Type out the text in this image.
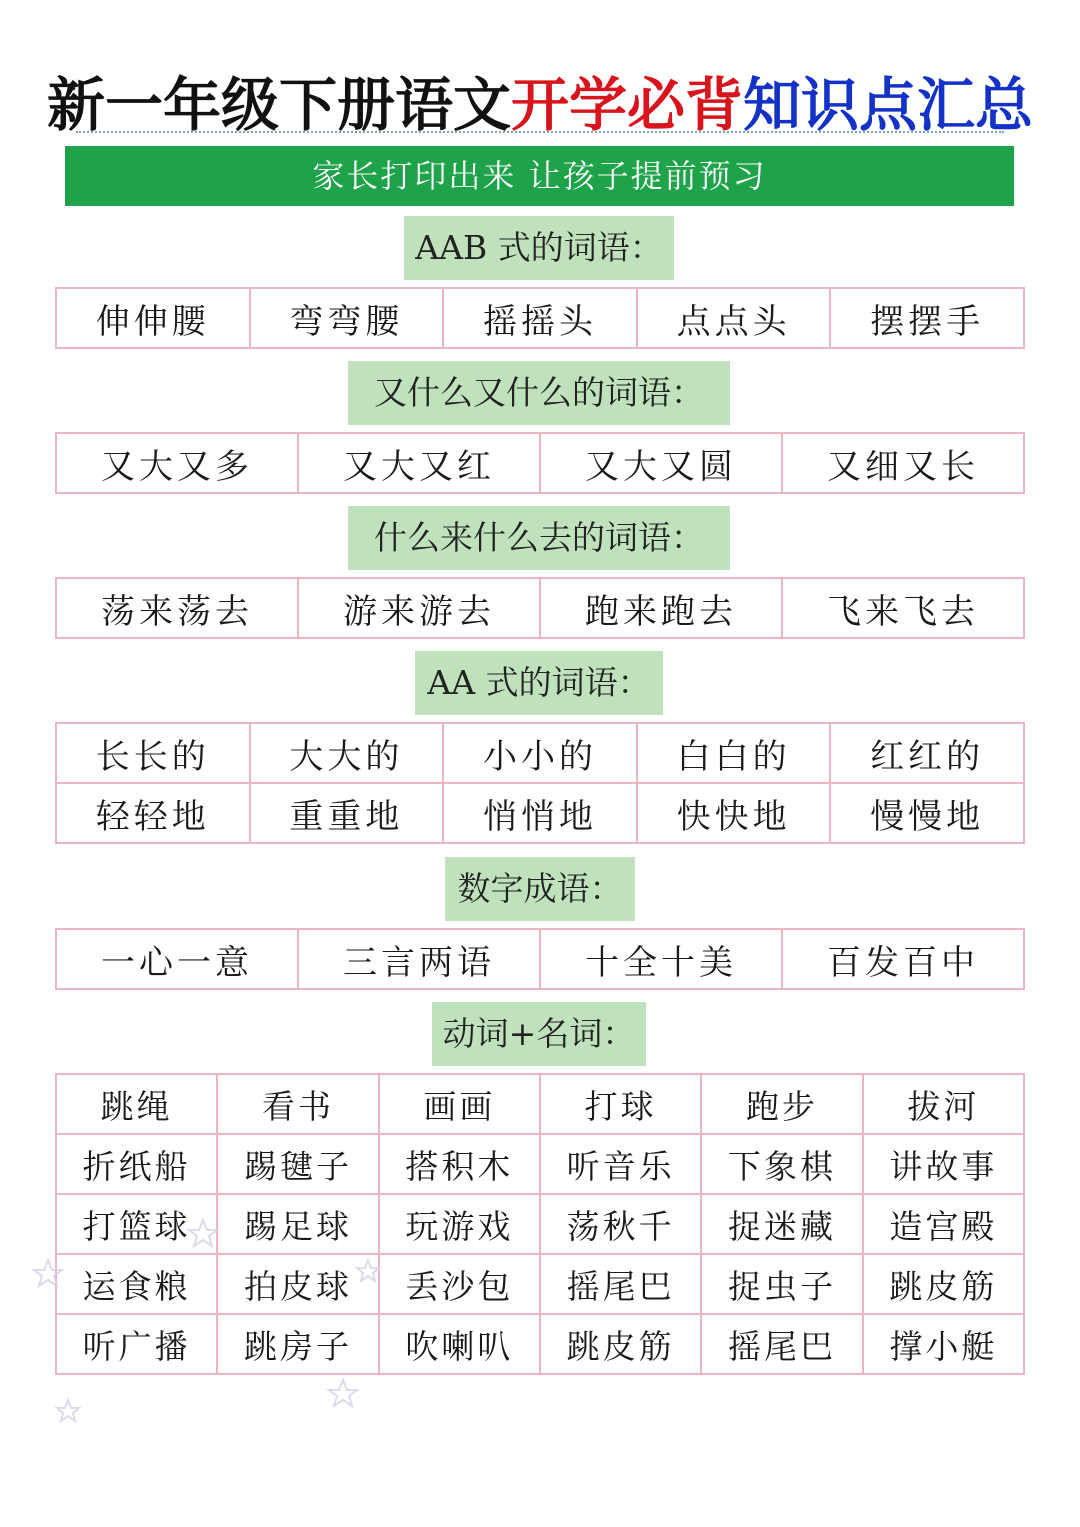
新一年级下册语文开学必背知识点汇总
家长打印出来 让孩子提前预习
AAB 式的词语：
伸伸腰	弯弯腰	摇摇头	点点头	摆摆手
又什么又什么的词语：
又大又多	又大又红	又大又圆	又细又长
什么来什么去的词语：
荡来荡去	游来游去	跑来跑去	飞来飞去
AA 式的词语：
长长的	大大的	小小的	白白的	红红的
轻轻地	重重地	悄悄地	快快地	慢慢地
数字成语：
一心一意	三言两语	十全十美	百发百中
动词+名词：
跳绳	看书	画画	打球	跑步	拔河
折纸船	踢毽子	搭积木	听音乐	下象棋	讲故事
打篮球	踢足球	玩游戏	荡秋千	捉迷藏	造宫殿
运食粮	拍皮球	丢沙包	摇尾巴	捉虫子	跳皮筋
听广播	跳房子	吹喇叭	跳皮筋	摇尾巴	撑小艇
